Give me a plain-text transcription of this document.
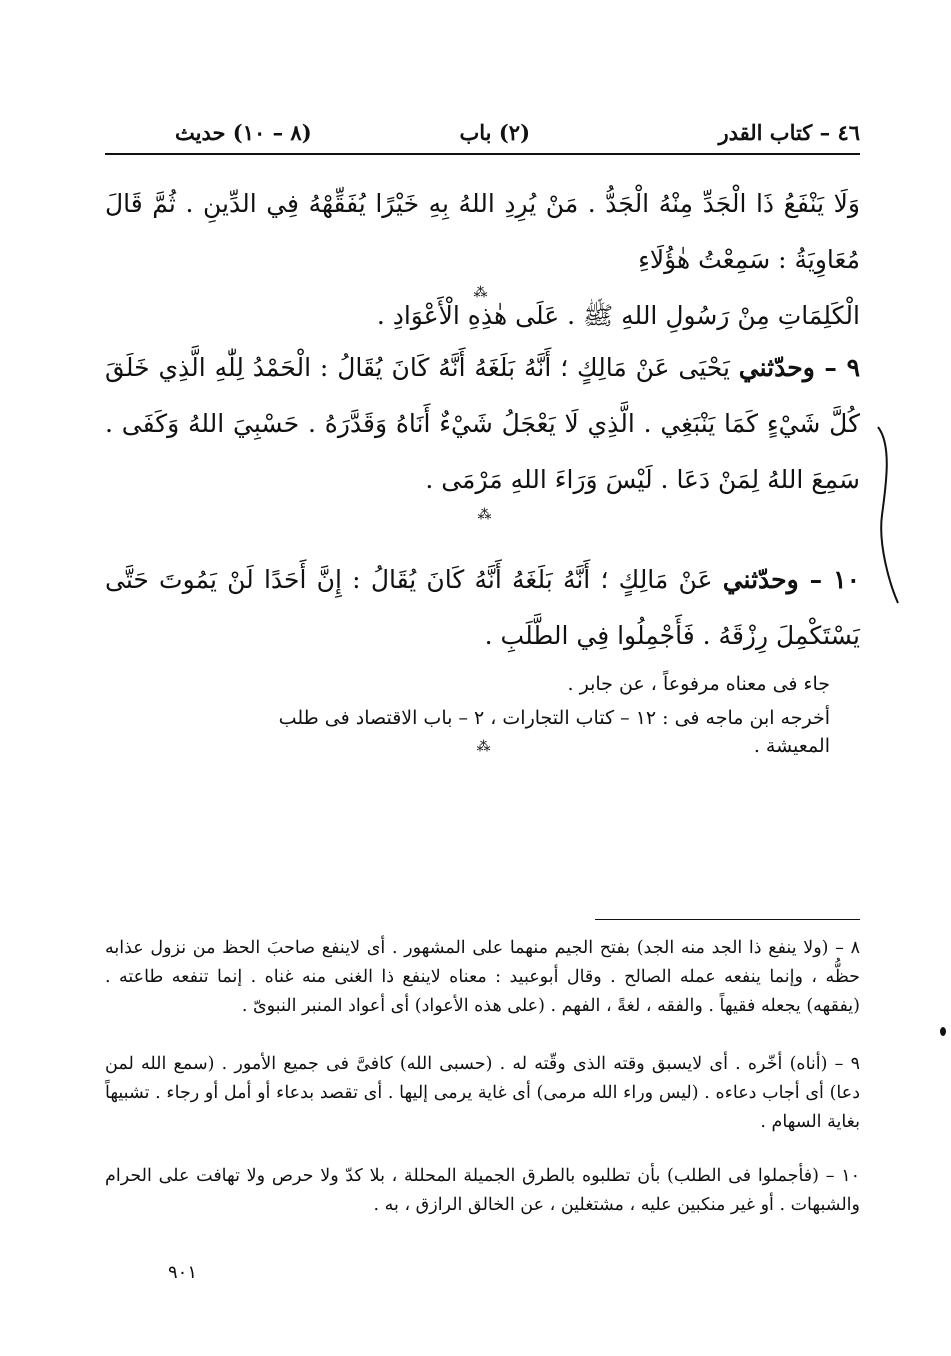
٤٦ – كتاب القدر
(٢) باب
(٨ – ١٠) حديث
وَلَا يَنْفَعُ ذَا الْجَدِّ مِنْهُ الْجَدُّ . مَنْ يُرِدِ اللهُ بِهِ خَيْرًا يُفَقِّهْهُ فِي الدِّينِ . ثُمَّ قَالَ مُعَاوِيَةُ : سَمِعْتُ هٰؤُلَاءِ
الْكَلِمَاتِ مِنْ رَسُولِ اللهِ ﷺ . عَلَى هٰذِهِ الْأَعْوَادِ .
⁂
٩ – وحدّثني يَحْيَى عَنْ مَالِكٍ ؛ أَنَّهُ بَلَغَهُ أَنَّهُ كَانَ يُقَالُ : الْحَمْدُ لِلّٰهِ الَّذِي خَلَقَ كُلَّ شَيْءٍ كَمَا يَنْبَغِي . الَّذِي لَا يَعْجَلُ شَيْءٌ أَنَاهُ وَقَدَّرَهُ . حَسْبِيَ اللهُ وَكَفَى . سَمِعَ اللهُ لِمَنْ دَعَا . لَيْسَ وَرَاءَ اللهِ مَرْمَى .
⁂
١٠ – وحدّثني عَنْ مَالِكٍ ؛ أَنَّهُ بَلَغَهُ أَنَّهُ كَانَ يُقَالُ : إِنَّ أَحَدًا لَنْ يَمُوتَ حَتَّى يَسْتَكْمِلَ رِزْقَهُ . فَأَجْمِلُوا فِي الطَّلَبِ .
جاء فى معناه مرفوعاً ، عن جابر .
أخرجه ابن ماجه فى : ١٢ – كتاب التجارات ، ٢ – باب الاقتصاد فى طلب المعيشة .
⁂
٨ – (ولا ينفع ذا الجد منه الجد) بفتح الجيم منهما على المشهور . أى لاينفع صاحبَ الحظ من نزول عذابه حظُّه ، وإنما ينفعه عمله الصالح . وقال أبوعبيد : معناه لاينفع ذا الغنى منه غناه . إنما تنفعه طاعته . (يفقهه) يجعله فقيهاً . والفقه ، لغةً ، الفهم . (على هذه الأعواد) أى أعواد المنبر النبوىّ .
٩ – (أناه) أخّره . أى لايسبق وقته الذى وقّته له . (حسبى الله) كافىَّ فى جميع الأمور . (سمع الله لمن دعا) أى أجاب دعاءه . (ليس وراء الله مرمى) أى غاية يرمى إليها . أى تقصد بدعاء أو أمل أو رجاء . تشبيهاً بغاية السهام .
١٠ – (فأجملوا فى الطلب) بأن تطلبوه بالطرق الجميلة المحللة ، بلا كدّ ولا حرص ولا تهافت على الحرام والشبهات . أو غير منكبين عليه ، مشتغلين ، عن الخالق الرازق ، به .
٩٠١
